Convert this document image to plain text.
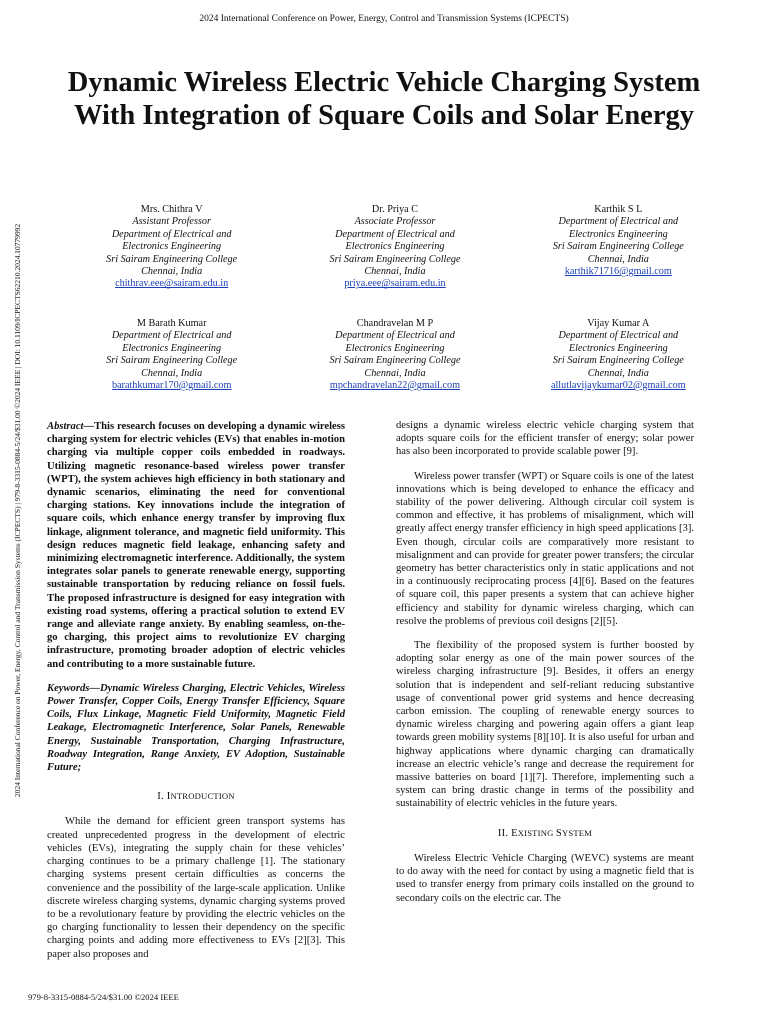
2024 International Conference on Power, Energy, Control and Transmission Systems (ICPECTS)
2024 International Conference on Power, Energy, Control and Transmission Systems (ICPECTS) | 979-8-3315-0884-5/24/$31.00 ©2024 IEEE | DOI: 10.1109/ICPECTS62210.2024.10779992
Dynamic Wireless Electric Vehicle Charging System With Integration of Square Coils and Solar Energy
Mrs. Chithra V
Assistant Professor
Department of Electrical and
Electronics Engineering
Sri Sairam Engineering College
Chennai, India
chithrav.eee@sairam.edu.in
Dr. Priya C
Associate Professor
Department of Electrical and
Electronics Engineering
Sri Sairam Engineering College
Chennai, India
priya.eee@sairam.edu.in
Karthik S L
Department of Electrical and
Electronics Engineering
Sri Sairam Engineering College
Chennai, India
karthik71716@gmail.com
M Barath Kumar
Department of Electrical and
Electronics Engineering
Sri Sairam Engineering College
Chennai, India
barathkumar170@gmail.com
Chandravelan M P
Department of Electrical and
Electronics Engineering
Sri Sairam Engineering College
Chennai, India
mpchandravelan22@gmail.com
Vijay Kumar A
Department of Electrical and
Electronics Engineering
Sri Sairam Engineering College
Chennai, India
allutlavijaykumar02@gmail.com

Abstract—This research focuses on developing a dynamic wireless charging system for electric vehicles (EVs) that enables in-motion charging via multiple copper coils embedded in roadways. Utilizing magnetic resonance-based wireless power transfer (WPT), the system achieves high efficiency in both stationary and dynamic scenarios, eliminating the need for conventional charging stations. Key innovations include the integration of square coils, which enhance energy transfer by improving flux linkage, alignment tolerance, and magnetic field uniformity. This design reduces magnetic field leakage, enhancing safety and minimizing electromagnetic interference. Additionally, the system integrates solar panels to generate renewable energy, supporting sustainable transportation by reducing reliance on fossil fuels. The proposed infrastructure is designed for easy integration with existing road systems, offering a practical solution to extend EV range and alleviate range anxiety. By enabling seamless, on-the-go charging, this project aims to revolutionize EV charging infrastructure, promoting broader adoption of electric vehicles and contributing to a more sustainable future.

Keywords—Dynamic Wireless Charging, Electric Vehicles, Wireless Power Transfer, Copper Coils, Energy Transfer Efficiency, Square Coils, Flux Linkage, Magnetic Field Uniformity, Magnetic Field Leakage, Electromagnetic Interference, Solar Panels, Renewable Energy, Sustainable Transportation, Charging Infrastructure, Roadway Integration, Range Anxiety, EV Adoption, Sustainable Future;

I. INTRODUCTION

While the demand for efficient green transport systems has created unprecedented progress in the development of electric vehicles (EVs), integrating the supply chain for these vehicles’ charging continues to be a primary challenge [1]. The stationary charging systems present certain difficulties as concerns the convenience and the possibility of the large-scale application. Unlike discrete wireless charging systems, dynamic charging systems proved to be a revolutionary feature by providing the electric vehicles on the go charging functionality to lessen their dependency on the specific charging points and adding more effectiveness to EVs [2][3]. This paper also proposes and

designs a dynamic wireless electric vehicle charging system that adopts square coils for the efficient transfer of energy; solar power has also been incorporated to provide scalable power [9].

Wireless power transfer (WPT) or Square coils is one of the latest innovations which is being developed to enhance the efficacy and stability of the power delivering. Although circular coil system is common and effective, it has problems of misalignment, which will greatly affect energy transfer efficiency in high speed applications [3]. Even though, circular coils are comparatively more resistant to misalignment and can provide for greater power transfers; the circular geometry has better characteristics only in static applications and not in a continuously reciprocating process [4][6]. Based on the features of square coil, this paper presents a system that can achieve higher efficiency and stability for dynamic wireless charging, which can resolve the problems of previous coil designs [2][5].

The flexibility of the proposed system is further boosted by adopting solar energy as one of the main power sources of the wireless charging infrastructure [9]. Besides, it offers an energy solution that is independent and self-reliant reducing substantive usage of conventional power grid systems and hence decreasing carbon emission. The coupling of renewable energy sources to dynamic wireless charging and powering again offers a giant leap towards green mobility systems [8][10]. It is also useful for urban and highway applications where dynamic charging can dramatically increase an electric vehicle’s range and decrease the requirement for massive batteries on board [1][7]. Therefore, implementing such a system can bring drastic change in terms of the possibility and sustainability of electric vehicles in the future years.

II. EXISTING SYSTEM

Wireless Electric Vehicle Charging (WEVC) systems are meant to do away with the need for contact by using a magnetic field that is used to transfer energy from primary coils installed on the ground to secondary coils on the electric car. The

979-8-3315-0884-5/24/$31.00 ©2024 IEEE
